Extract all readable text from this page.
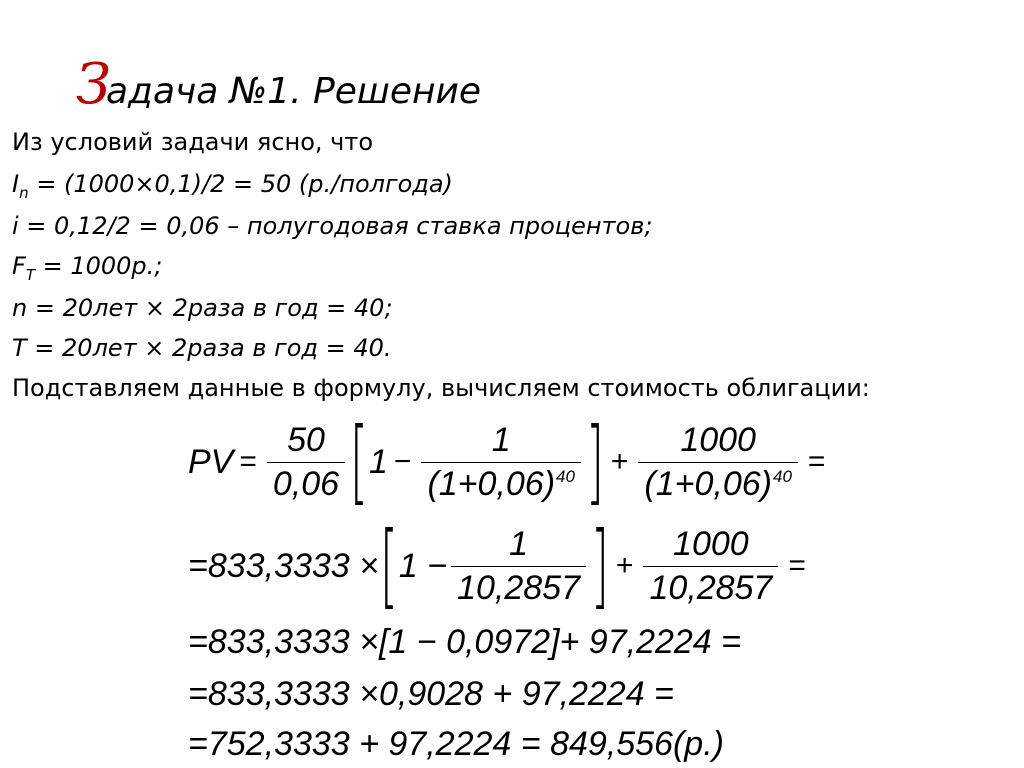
Задача №1. Решение
Из условий задачи ясно, что
$I_n = (1000\times 0,1)/2 = 50$ (р./полгода)
i = 0,12/2 = 0,06 – полугодовая ставка процентов;
$F_T = 1000р$.;
n = 20лет × 2раза в год = 40;
T = 20лет × 2раза в год = 40.
Подставляем данные в формулу, вычисляем стоимость облигации:
PV = $\frac{50}{0,06}$ [ $1 - \frac{1}{(1+0,06)^{40}}$ ] + $\frac{1000}{(1+0,06)^{40}}$ =
=833,3333 × [ $1 - \frac{1}{10,2857}$ ] + $\frac{1000}{10,2857}$ =
=833,3333 ×[1 − 0,0972]+ 97,2224 =
=833,3333 ×0,9028 + 97,2224 =
=752,3333 + 97,2224 = 849,556(р.)
